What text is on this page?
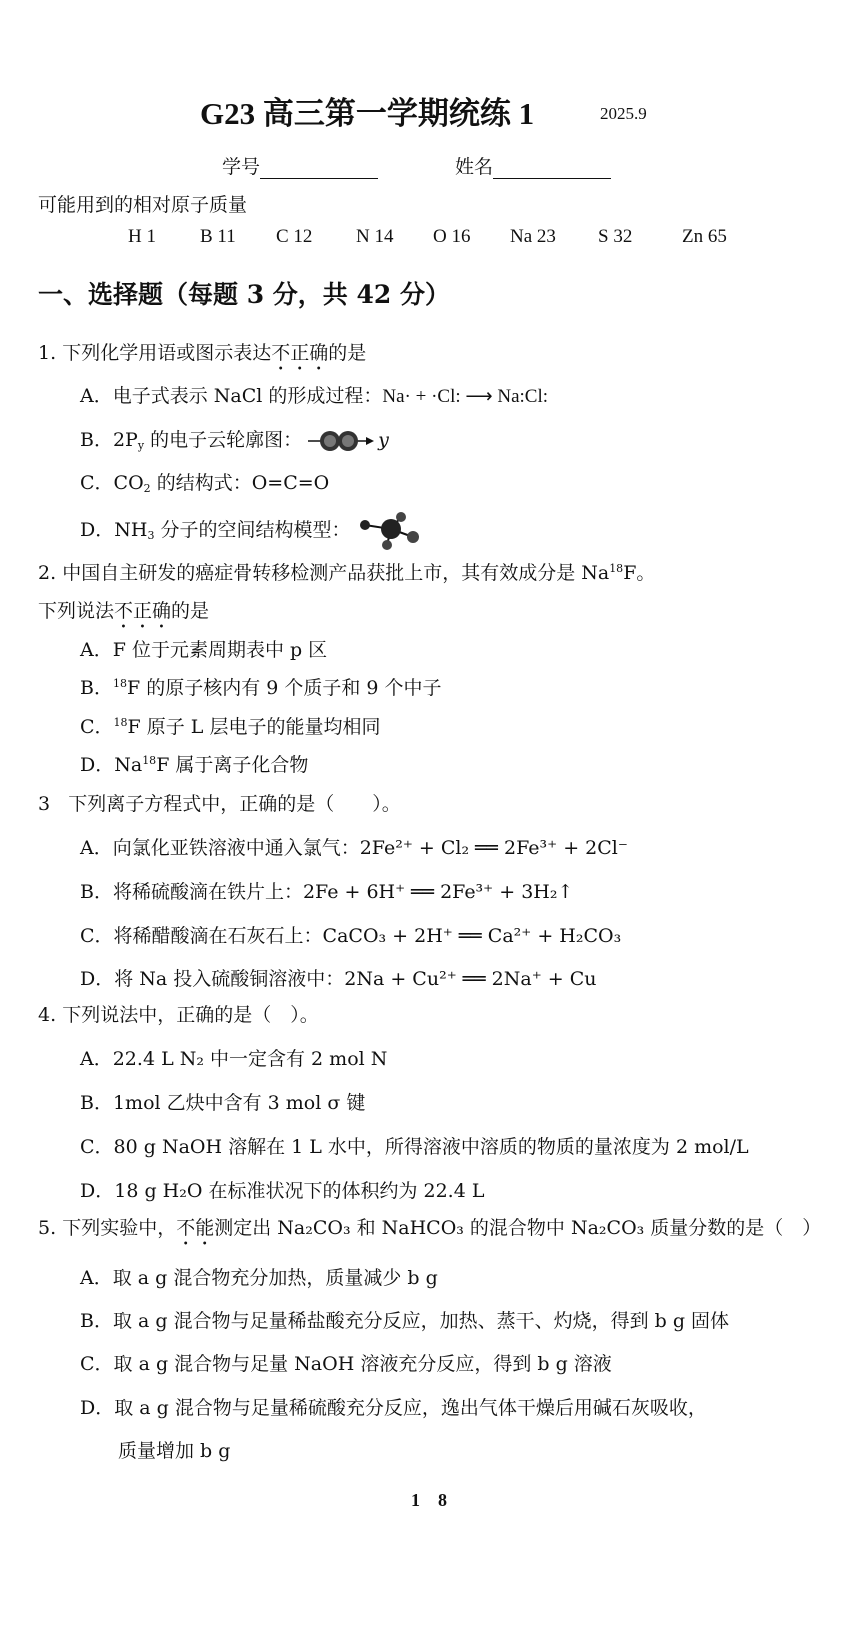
G23 高三第一学期统练 1	2025.9
学号	姓名
可能用到的相对原子质量
H 1 B 11 C 12 N 14 O 16 Na 23 S 32	Zn 65
一、选择题（每题 3 分，共 42 分）
1. 下列化学用语或图示表达不正确的是
A．电子式表示 NaCl 的形成过程：Na· + ·Cl: ⟶ Na:Cl:
B．$2P_y$ 的电子云轮廓图：	y
C．$CO_2$ 的结构式：O=C=O
D．$NH_3$ 分子的空间结构模型：
2. 中国自主研发的癌症骨转移检测产品获批上市，其有效成分是 Na$^{18}$F。
下列说法不正确的是
A．F 位于元素周期表中 p 区
B．$^{18}$F 的原子核内有 9 个质子和 9 个中子
C．$^{18}$F 原子 L 层电子的能量均相同
D．Na$^{18}$F 属于离子化合物
3 下列离子方程式中，正确的是（　　）。
A．向氯化亚铁溶液中通入氯气：2Fe²⁺ + Cl₂ ══ 2Fe³⁺ + 2Cl⁻
B．将稀硫酸滴在铁片上：2Fe + 6H⁺ ══ 2Fe³⁺ + 3H₂↑
C．将稀醋酸滴在石灰石上：CaCO₃ + 2H⁺ ══ Ca²⁺ + H₂CO₃
D．将 Na 投入硫酸铜溶液中：2Na + Cu²⁺ ══ 2Na⁺ + Cu
4. 下列说法中，正确的是（　）。
A．22.4 L N₂ 中一定含有 2 mol N
B．1mol 乙炔中含有 3 mol σ 键
C．80 g NaOH 溶解在 1 L 水中，所得溶液中溶质的物质的量浓度为 2 mol/L
D．18 g H₂O 在标准状况下的体积约为 22.4 L
5. 下列实验中，不能测定出 Na₂CO₃ 和 NaHCO₃ 的混合物中 Na₂CO₃ 质量分数的是（　）
A．取 a g 混合物充分加热，质量减少 b g
B．取 a g 混合物与足量稀盐酸充分反应，加热、蒸干、灼烧，得到 b g 固体
C．取 a g 混合物与足量 NaOH 溶液充分反应，得到 b g 溶液
D．取 a g 混合物与足量稀硫酸充分反应，逸出气体干燥后用碱石灰吸收，
质量增加 b g
1　8
